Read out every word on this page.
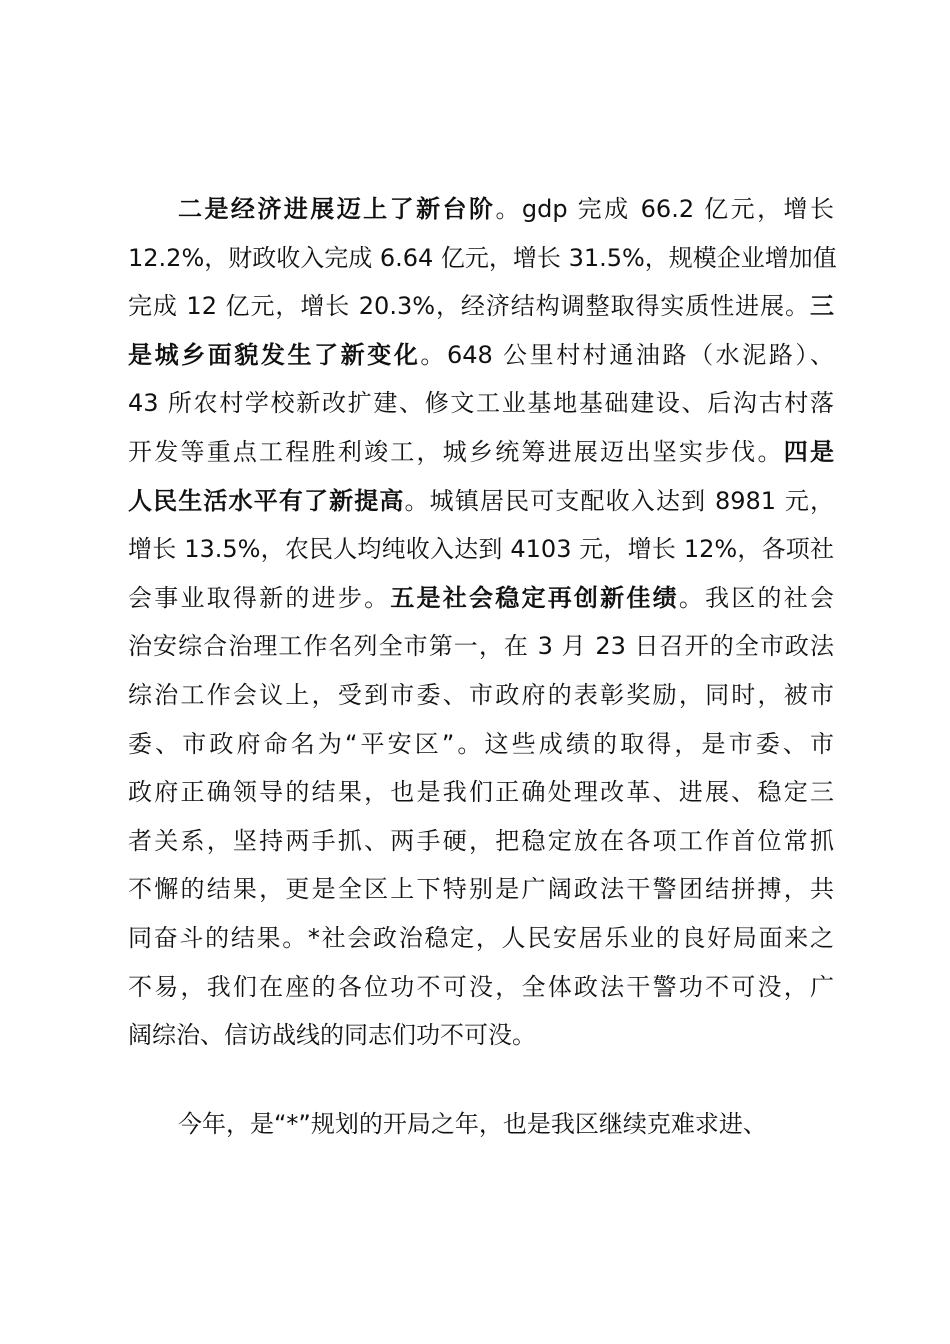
二是经济进展迈上了新台阶。gdp 完成 66.2 亿元，增长
12.2%，财政收入完成 6.64 亿元，增长 31.5%，规模企业增加值
完成 12 亿元，增长 20.3%，经济结构调整取得实质性进展。三
是城乡面貌发生了新变化。648 公里村村通油路（水泥路）、
43 所农村学校新改扩建、修文工业基地基础建设、后沟古村落
开发等重点工程胜利竣工，城乡统筹进展迈出坚实步伐。四是
人民生活水平有了新提高。城镇居民可支配收入达到 8981 元，
增长 13.5%，农民人均纯收入达到 4103 元，增长 12%，各项社
会事业取得新的进步。五是社会稳定再创新佳绩。我区的社会
治安综合治理工作名列全市第一，在 3 月 23 日召开的全市政法
综治工作会议上，受到市委、市政府的表彰奖励，同时，被市
委、市政府命名为“平安区”。这些成绩的取得，是市委、市
政府正确领导的结果，也是我们正确处理改革、进展、稳定三
者关系，坚持两手抓、两手硬，把稳定放在各项工作首位常抓
不懈的结果，更是全区上下特别是广阔政法干警团结拼搏，共
同奋斗的结果。*社会政治稳定，人民安居乐业的良好局面来之
不易，我们在座的各位功不可没，全体政法干警功不可没，广
阔综治、信访战线的同志们功不可没。
今年，是“*”规划的开局之年，也是我区继续克难求进、
